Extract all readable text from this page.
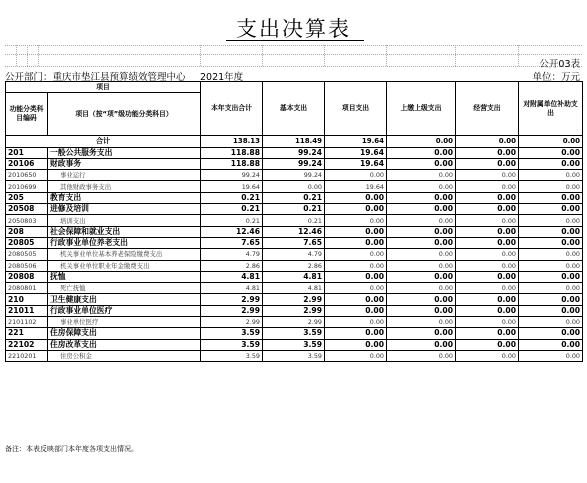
支出决算表
公开03表
公开部门：重庆市垫江县预算绩效管理中心 2021年度	单位：万元
项目		本年支出合计	基本支出	项目支出	上缴上级支出	经营支出	对附属单位补助支出
功能分类科目编码	项目（按“项”级功能分类科目）						
合计		138.13	118.49	19.64	0.00	0.00	0.00
201	一般公共服务支出	118.88	99.24	19.64	0.00	0.00	0.00
20106	财政事务	118.88	99.24	19.64	0.00	0.00	0.00
2010650	事业运行	99.24	99.24	0.00	0.00	0.00	0.00
2010699	其他财政事务支出	19.64	0.00	19.64	0.00	0.00	0.00
205	教育支出	0.21	0.21	0.00	0.00	0.00	0.00
20508	进修及培训	0.21	0.21	0.00	0.00	0.00	0.00
2050803	培训支出	0.21	0.21	0.00	0.00	0.00	0.00
208	社会保障和就业支出	12.46	12.46	0.00	0.00	0.00	0.00
20805	行政事业单位养老支出	7.65	7.65	0.00	0.00	0.00	0.00
2080505	机关事业单位基本养老保险缴费支出	4.79	4.79	0.00	0.00	0.00	0.00
2080506	机关事业单位职业年金缴费支出	2.86	2.86	0.00	0.00	0.00	0.00
20808	抚恤	4.81	4.81	0.00	0.00	0.00	0.00
2080801	死亡抚恤	4.81	4.81	0.00	0.00	0.00	0.00
210	卫生健康支出	2.99	2.99	0.00	0.00	0.00	0.00
21011	行政事业单位医疗	2.99	2.99	0.00	0.00	0.00	0.00
2101102	事业单位医疗	2.99	2.99	0.00	0.00	0.00	0.00
221	住房保障支出	3.59	3.59	0.00	0.00	0.00	0.00
22102	住房改革支出	3.59	3.59	0.00	0.00	0.00	0.00
2210201	住房公积金	3.59	3.59	0.00	0.00	0.00	0.00
备注：本表反映部门本年度各项支出情况。
